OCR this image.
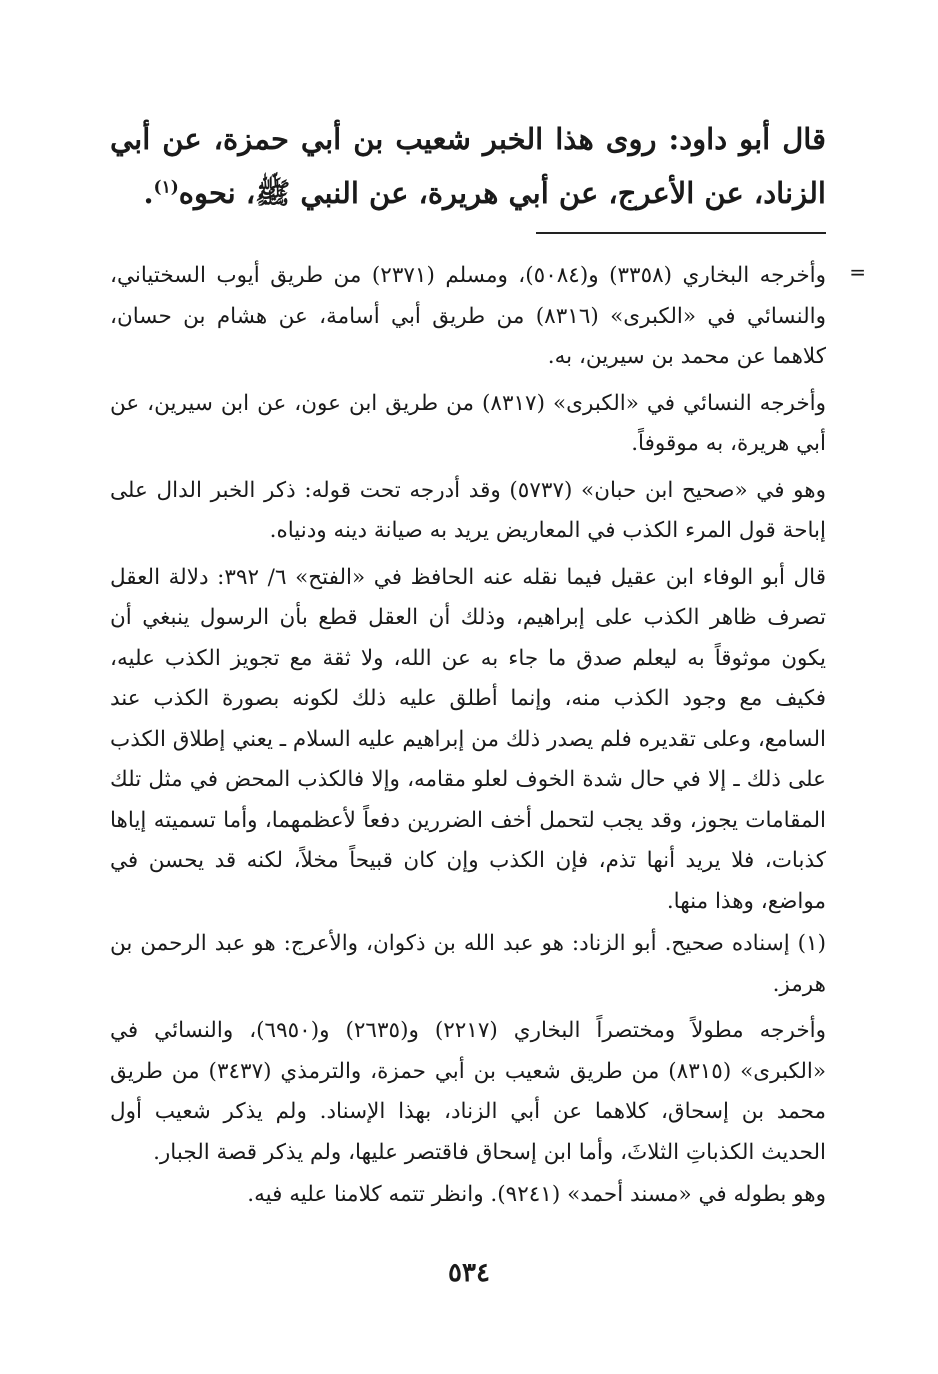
قال أبو داود: روى هذا الخبر شعيب بن أبي حمزة، عن أبي الزناد، عن الأعرج، عن أبي هريرة، عن النبي ﷺ، نحوه$^{(١)}$.

=

وأخرجه البخاري (٣٣٥٨) و(٥٠٨٤)، ومسلم (٢٣٧١) من طريق أيوب السختياني، والنسائي في «الكبرى» (٨٣١٦) من طريق أبي أسامة، عن هشام بن حسان، كلاهما عن محمد بن سيرين، به.

وأخرجه النسائي في «الكبرى» (٨٣١٧) من طريق ابن عون، عن ابن سيرين، عن أبي هريرة، به موقوفاً.

وهو في «صحيح ابن حبان» (٥٧٣٧) وقد أدرجه تحت قوله: ذكر الخبر الدال على إباحة قول المرء الكذب في المعاريض يريد به صيانة دينه ودنياه.

قال أبو الوفاء ابن عقيل فيما نقله عنه الحافظ في «الفتح» ٦/ ٣٩٢: دلالة العقل تصرف ظاهر الكذب على إبراهيم، وذلك أن العقل قطع بأن الرسول ينبغي أن يكون موثوقاً به ليعلم صدق ما جاء به عن الله، ولا ثقة مع تجويز الكذب عليه، فكيف مع وجود الكذب منه، وإنما أطلق عليه ذلك لكونه بصورة الكذب عند السامع، وعلى تقديره فلم يصدر ذلك من إبراهيم عليه السلام ـ يعني إطلاق الكذب على ذلك ـ إلا في حال شدة الخوف لعلو مقامه، وإلا فالكذب المحض في مثل تلك المقامات يجوز، وقد يجب لتحمل أخف الضررين دفعاً لأعظمهما، وأما تسميته إياها كذبات، فلا يريد أنها تذم، فإن الكذب وإن كان قبيحاً مخلاً، لكنه قد يحسن في مواضع، وهذا منها.

(١) إسناده صحيح. أبو الزناد: هو عبد الله بن ذكوان، والأعرج: هو عبد الرحمن بن هرمز.

وأخرجه مطولاً ومختصراً البخاري (٢٢١٧) و(٢٦٣٥) و(٦٩٥٠)، والنسائي في «الكبرى» (٨٣١٥) من طريق شعيب بن أبي حمزة، والترمذي (٣٤٣٧) من طريق محمد بن إسحاق، كلاهما عن أبي الزناد، بهذا الإسناد. ولم يذكر شعيب أول الحديث الكذباتِ الثلاثَ، وأما ابن إسحاق فاقتصر عليها، ولم يذكر قصة الجبار.

وهو بطوله في «مسند أحمد» (٩٢٤١). وانظر تتمه كلامنا عليه فيه.

٥٣٤
